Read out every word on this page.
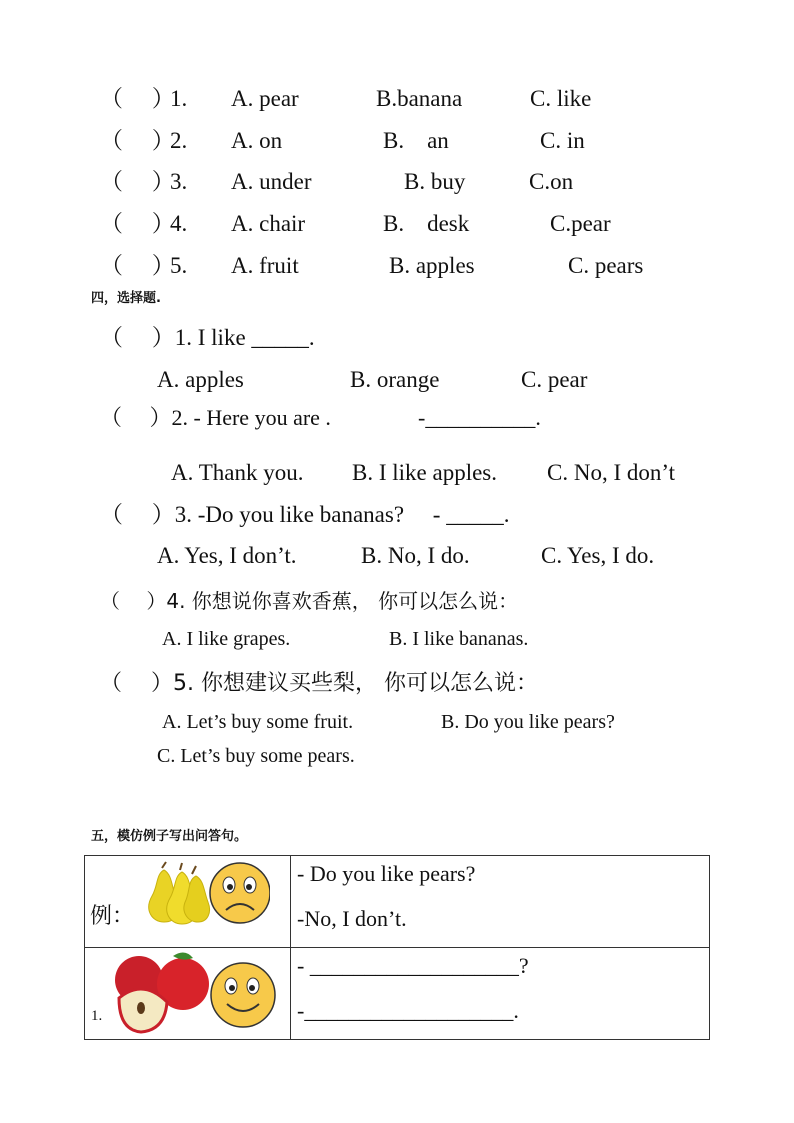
（　 ）
1. A. pear	B.banana	C. like
（　 ）
2. A. on	B.　an	C. in
（　 ）
3. A. under	B. buy	C.on
（　 ）
4. A. chair	B.　desk	C.pear
（　 ）
5. A. fruit	B. apples	C. pears
四，选择题.
（　 ）1. I like _____.
A. apples	B. orange	C. pear
（　 ）2. - Here you are .	-__________.
A. Thank you. B. I like apples. C. No, I don’t
（　 ）3. -Do you like bananas?　 - _____.
A. Yes, I don’t.	B. No, I do.	C. Yes, I do.
（　 ）4. 你想说你喜欢香蕉， 你可以怎么说：
A. I like grapes.	B. I like bananas.
（　 ）5. 你想建议买些梨， 你可以怎么说：
A. Let’s buy some fruit.	B. Do you like pears?
C. Let’s buy some pears.
五，模仿例子写出问答句。
例：	- Do you like pears?
-No, I don’t.

1.	- ___________________?
-___________________.
